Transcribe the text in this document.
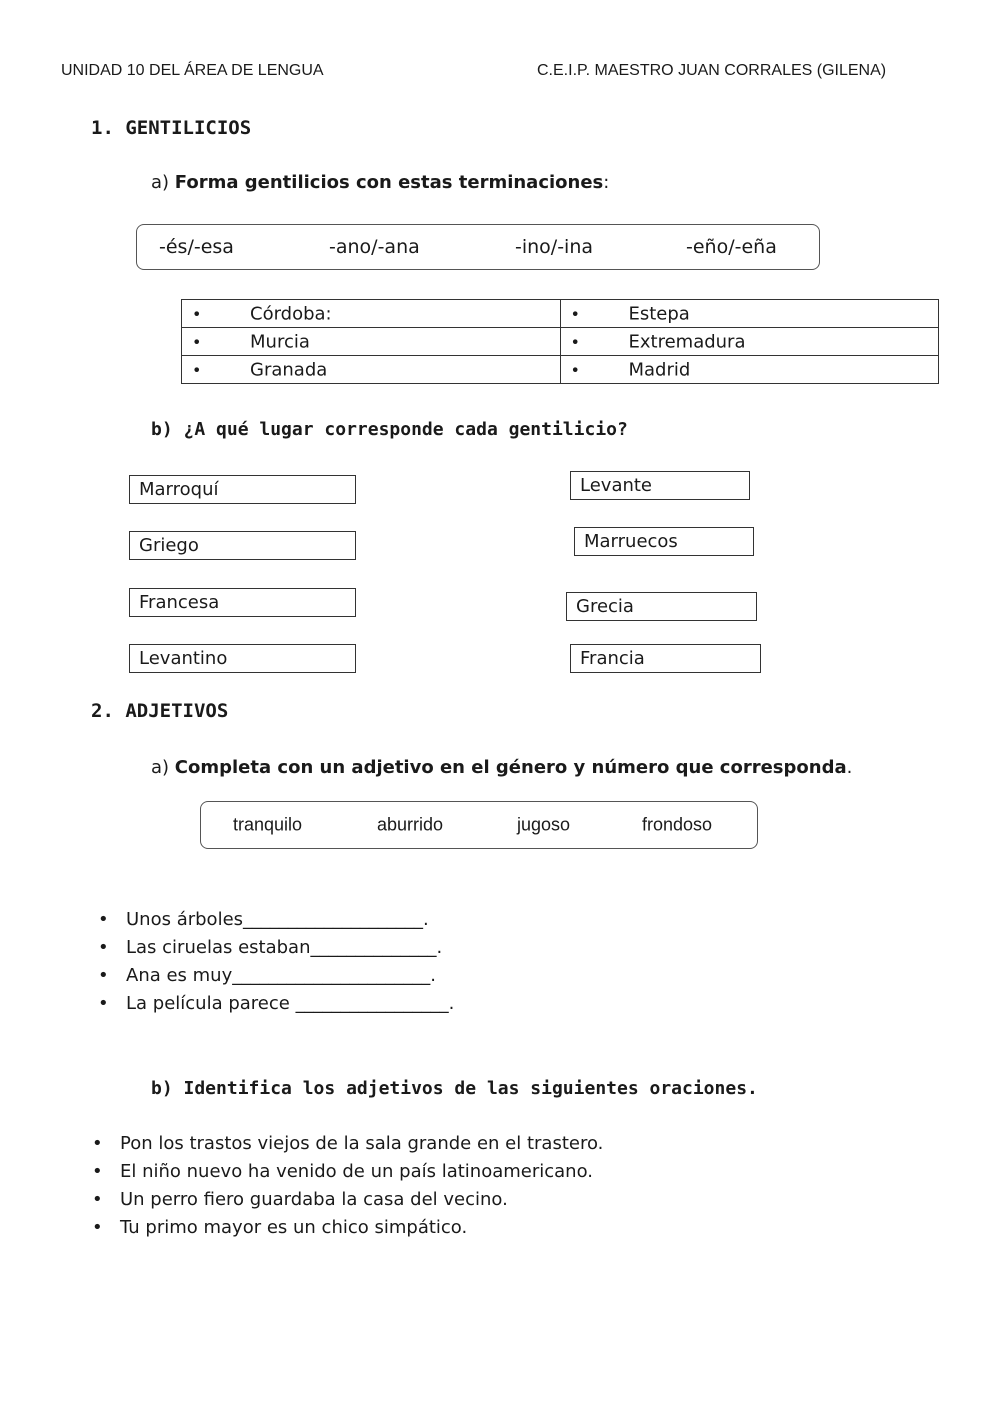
UNIDAD 10 DEL ÁREA DE LENGUA	C.E.I.P. MAESTRO JUAN CORRALES (GILENA)
1. GENTILICIOS
a) Forma gentilicios con estas terminaciones:
-és/-esa	-ano/-ana	-ino/-ina	-eño/-eña
• Córdoba:	• Estepa

• Murcia	• Extremadura

• Granada	• Madrid
b) ¿A qué lugar corresponde cada gentilicio?
Marroquí
Griego
Francesa
Levantino
Levante
Marruecos
Grecia
Francia
2. ADJETIVOS
a) Completa con un adjetivo en el género y número que corresponda.
tranquilo	aburrido	jugoso	frondoso
• Unos árboles____________________.
• Las ciruelas estaban______________.
• Ana es muy______________________.
• La película parece _________________.
b) Identifica los adjetivos de las siguientes oraciones.
• Pon los trastos viejos de la sala grande en el trastero.
• El niño nuevo ha venido de un país latinoamericano.
• Un perro fiero guardaba la casa del vecino.
• Tu primo mayor es un chico simpático.
